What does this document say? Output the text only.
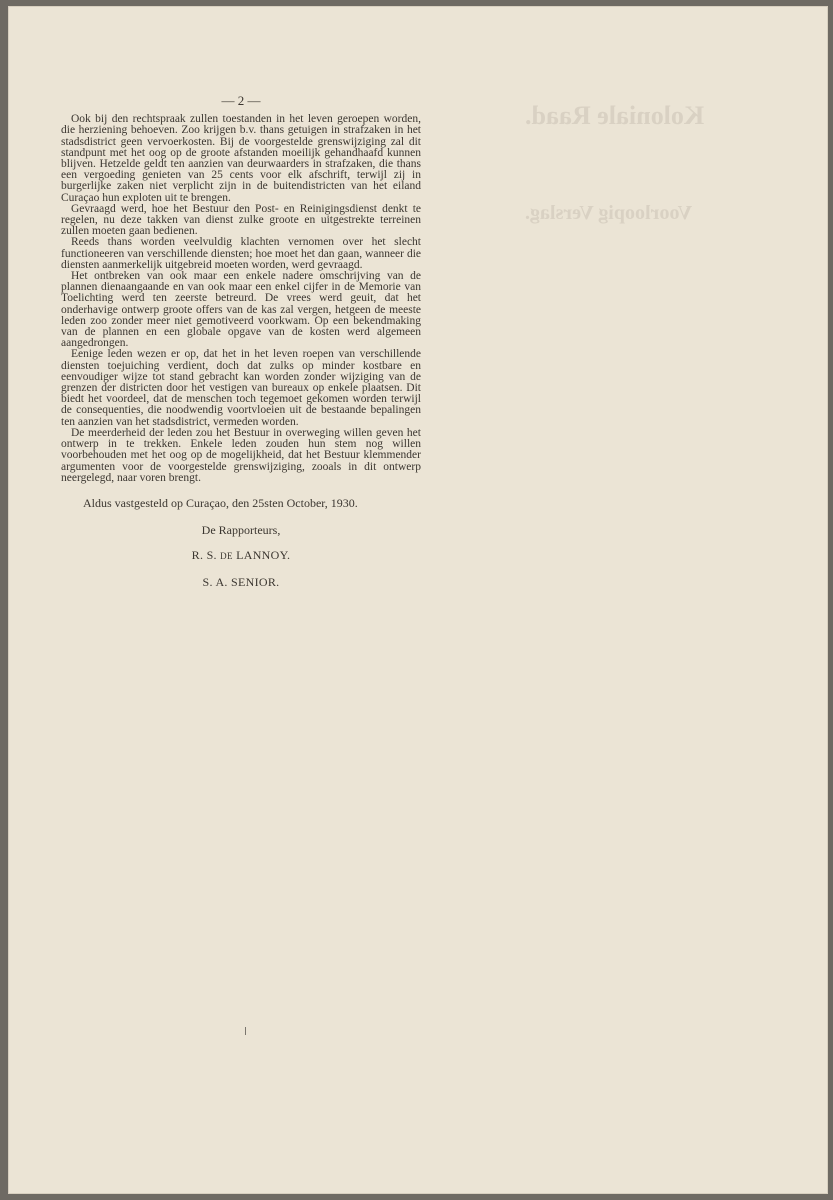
Koloniale Raad.
Voorloopig Verslag.
— 2 —

Ook bij den rechtspraak zullen toestanden in het leven geroepen worden, die herziening behoeven. Zoo krijgen b.v. thans getuigen in strafzaken in het stadsdistrict geen vervoerkosten. Bij de voorgestelde grenswijziging zal dit standpunt met het oog op de groote afstanden moeilijk gehandhaafd kunnen blijven. Hetzelde geldt ten aanzien van deurwaarders in strafzaken, die thans een vergoeding genieten van 25 cents voor elk afschrift, terwijl zij in burgerlijke zaken niet verplicht zijn in de buitendistricten van het eiland Curaçao hun exploten uit te brengen.

Gevraagd werd, hoe het Bestuur den Post- en Reinigingsdienst denkt te regelen, nu deze takken van dienst zulke groote en uitgestrekte terreinen zullen moeten gaan bedienen.

Reeds thans worden veelvuldig klachten vernomen over het slecht functioneeren van verschillende diensten; hoe moet het dan gaan, wanneer die diensten aanmerkelijk uitgebreid moeten worden, werd gevraagd.

Het ontbreken van ook maar een enkele nadere omschrijving van de plannen dienaangaande en van ook maar een enkel cijfer in de Memorie van Toelichting werd ten zeerste betreurd. De vrees werd geuit, dat het onderhavige ontwerp groote offers van de kas zal vergen, hetgeen de meeste leden zoo zonder meer niet gemotiveerd voorkwam. Op een bekendmaking van de plannen en een globale opgave van de kosten werd algemeen aangedrongen.

Eenige leden wezen er op, dat het in het leven roepen van verschillende diensten toejuiching verdient, doch dat zulks op minder kostbare en eenvoudiger wijze tot stand gebracht kan worden zonder wijziging van de grenzen der districten door het vestigen van bureaux op enkele plaatsen. Dit biedt het voordeel, dat de menschen toch tegemoet gekomen worden terwijl de consequenties, die noodwendig voortvloeien uit de bestaande bepalingen ten aanzien van het stadsdistrict, vermeden worden.

De meerderheid der leden zou het Bestuur in overweging willen geven het ontwerp in te trekken. Enkele leden zouden hun stem nog willen voorbehouden met het oog op de mogelijkheid, dat het Bestuur klemmender argumenten voor de voorgestelde grenswijziging, zooals in dit ontwerp neergelegd, naar voren brengt.

Aldus vastgesteld op Curaçao, den 25sten October, 1930.

De Rapporteurs,
R. S. DE LANNOY.
S. A. SENIOR.
